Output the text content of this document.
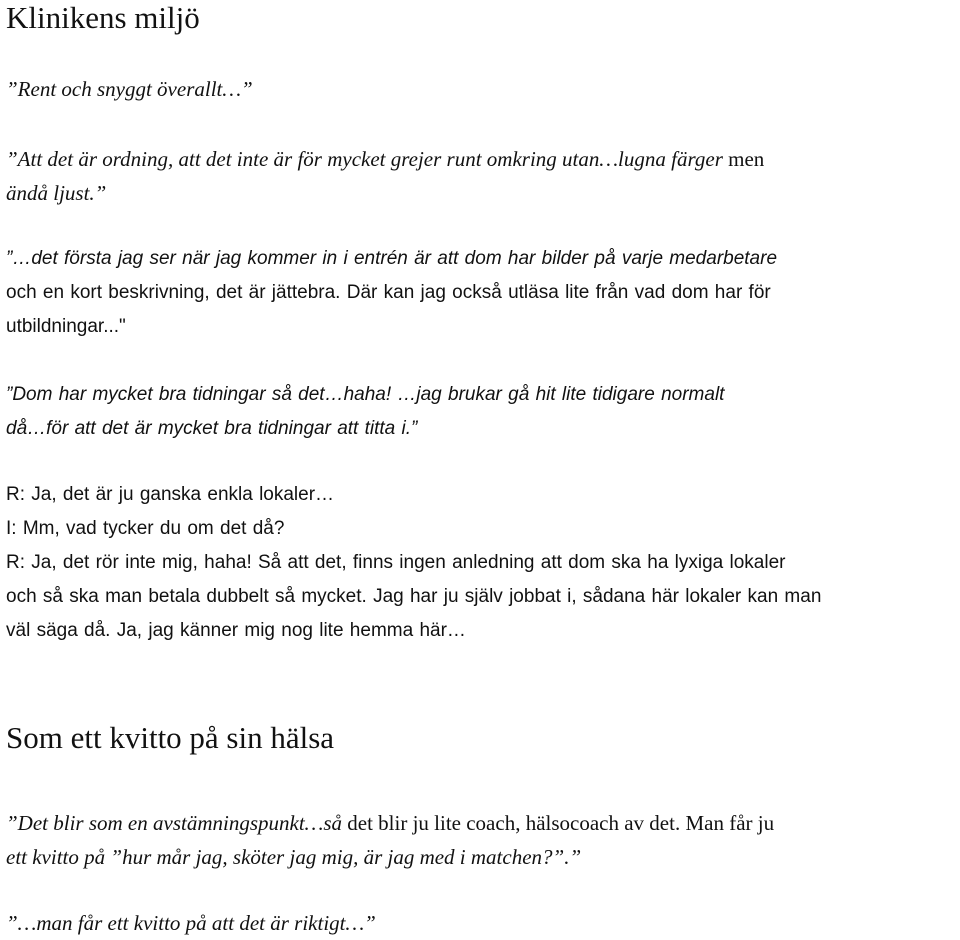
Klinikens miljö

”Rent och snyggt överallt…”

”Att det är ordning, att det inte är för mycket grejer runt omkring utan…lugna färger men
ändå ljust.”

”…det första jag ser när jag kommer in i entrén är att dom har bilder på varje medarbetare
och en kort beskrivning, det är jättebra. Där kan jag också utläsa lite från vad dom har för
utbildningar..."

”Dom har mycket bra tidningar så det…haha! …jag brukar gå hit lite tidigare normalt
då…för att det är mycket bra tidningar att titta i.”

R: Ja, det är ju ganska enkla lokaler…
I: Mm, vad tycker du om det då?
R: Ja, det rör inte mig, haha! Så att det, finns ingen anledning att dom ska ha lyxiga lokaler
och så ska man betala dubbelt så mycket. Jag har ju själv jobbat i, sådana här lokaler kan man
väl säga då. Ja, jag känner mig nog lite hemma här…

Som ett kvitto på sin hälsa

”Det blir som en avstämningspunkt…så det blir ju lite coach, hälsocoach av det. Man får ju
ett kvitto på ”hur mår jag, sköter jag mig, är jag med i matchen?”.”

”…man får ett kvitto på att det är riktigt…”
